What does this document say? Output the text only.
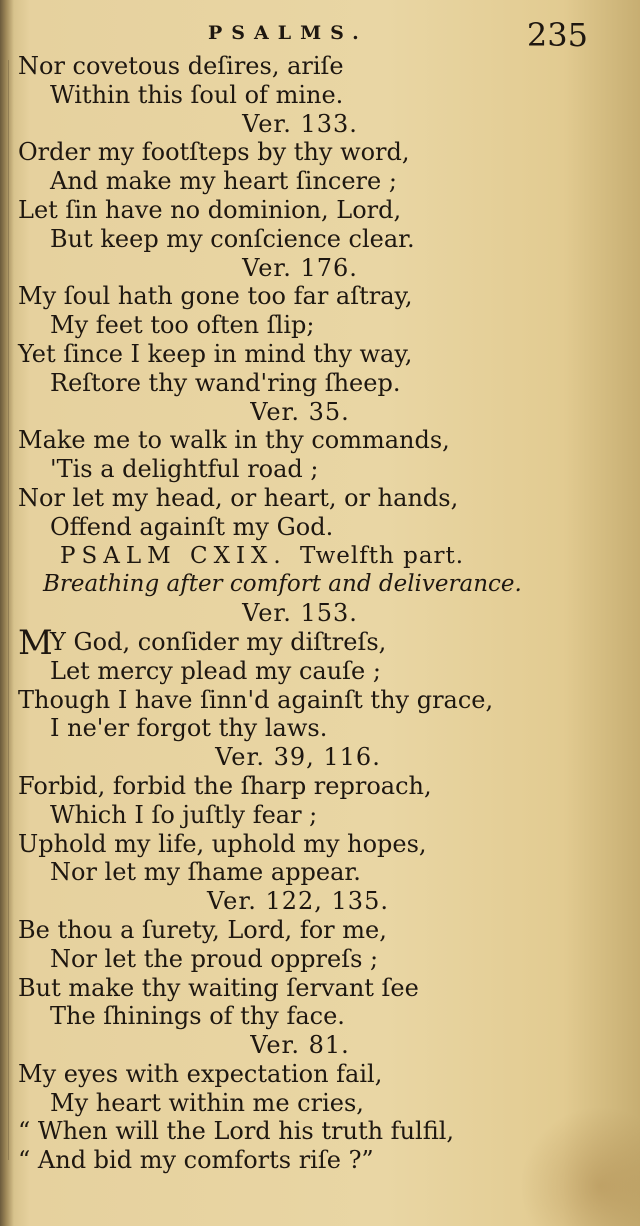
PSALMS.	235
Nor covetous deſires, ariſe
Within this ſoul of mine.
Ver. 133.
Order my footſteps by thy word,
And make my heart ſincere ;
Let ſin have no dominion, Lord,
But keep my conſcience clear.
Ver. 176.
My ſoul hath gone too far aſtray,
My feet too often ſlip;
Yet ſince I keep in mind thy way,
Reſtore thy wand'ring ſheep.
Ver. 35.
Make me to walk in thy commands,
'Tis a delightful road ;
Nor let my head, or heart, or hands,
Offend againſt my God.
PSALM CXIX. Twelfth part.
Breathing after comfort and deliverance.
Ver. 153.
M
Y God, conſider my diſtreſs,
Let mercy plead my cauſe ;
Though I have ſinn'd againſt thy grace,
I ne'er forgot thy laws.
Ver. 39, 116.
Forbid, forbid the ſharp reproach,
Which I ſo juſtly fear ;
Uphold my life, uphold my hopes,
Nor let my ſhame appear.
Ver. 122, 135.
Be thou a ſurety, Lord, for me,
Nor let the proud oppreſs ;
But make thy waiting ſervant ſee
The ſhinings of thy face.
Ver. 81.
My eyes with expectation fail,
My heart within me cries,
“ When will the Lord his truth fulfil,
“ And bid my comforts riſe ?”
